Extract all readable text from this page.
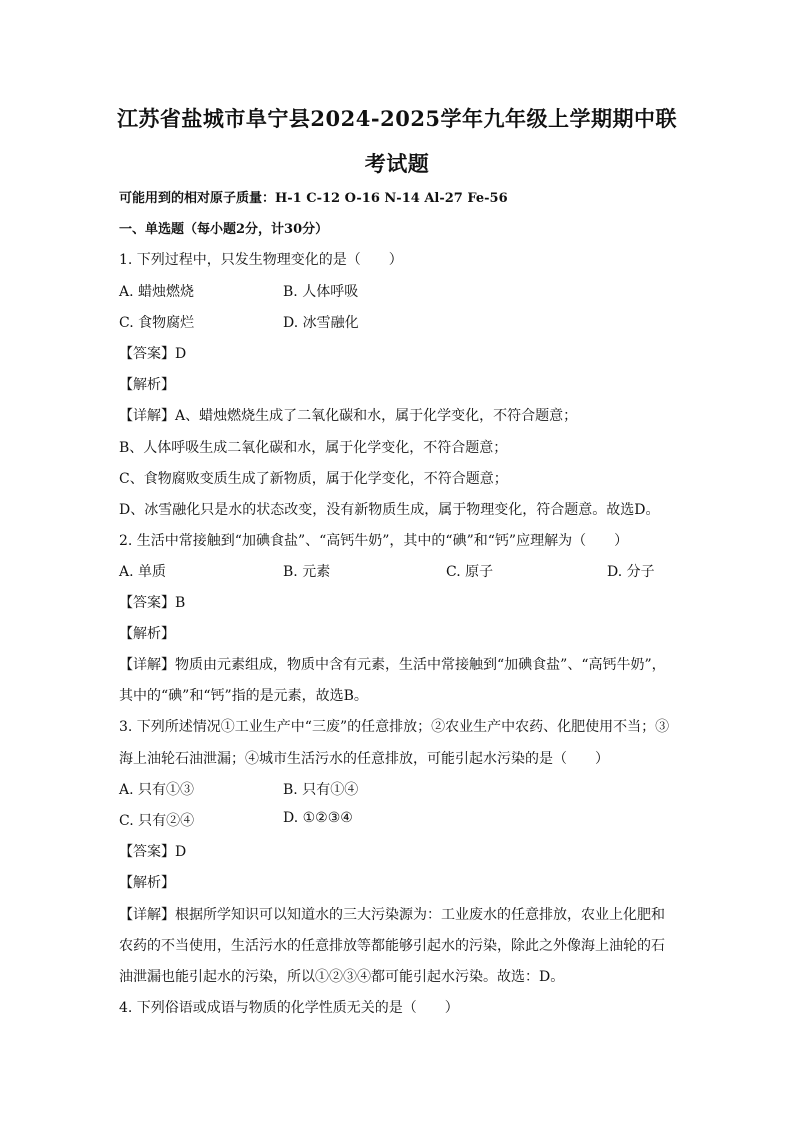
江苏省盐城市阜宁县2024-2025学年九年级上学期期中联
考试题
可能用到的相对原子质量：H-1 C-12 O-16 N-14 Al-27 Fe-56
一、单选题（每小题2分，计30分）
1. 下列过程中，只发生物理变化的是（　　）
A. 蜡烛燃烧	B. 人体呼吸
C. 食物腐烂	D. 冰雪融化
【答案】D
【解析】
【详解】A、蜡烛燃烧生成了二氧化碳和水，属于化学变化，不符合题意；
B、人体呼吸生成二氧化碳和水，属于化学变化，不符合题意；
C、食物腐败变质生成了新物质，属于化学变化，不符合题意；
D、冰雪融化只是水的状态改变，没有新物质生成，属于物理变化，符合题意。故选D。
2. 生活中常接触到“加碘食盐”、“高钙牛奶”，其中的“碘”和“钙”应理解为（　　）
A. 单质	B. 元素	C. 原子	D. 分子
【答案】B
【解析】
【详解】物质由元素组成，物质中含有元素，生活中常接触到“加碘食盐”、“高钙牛奶”，
其中的“碘”和“钙”指的是元素，故选B。
3. 下列所述情况①工业生产中“三废”的任意排放；②农业生产中农药、化肥使用不当；③
海上油轮石油泄漏；④城市生活污水的任意排放，可能引起水污染的是（　　）
A. 只有①③	B. 只有①④
C. 只有②④	D. ①②③④
【答案】D
【解析】
【详解】根据所学知识可以知道水的三大污染源为：工业废水的任意排放，农业上化肥和
农药的不当使用，生活污水的任意排放等都能够引起水的污染，除此之外像海上油轮的石
油泄漏也能引起水的污染，所以①②③④都可能引起水污染。故选：D。
4. 下列俗语或成语与物质的化学性质无关的是（　　）
